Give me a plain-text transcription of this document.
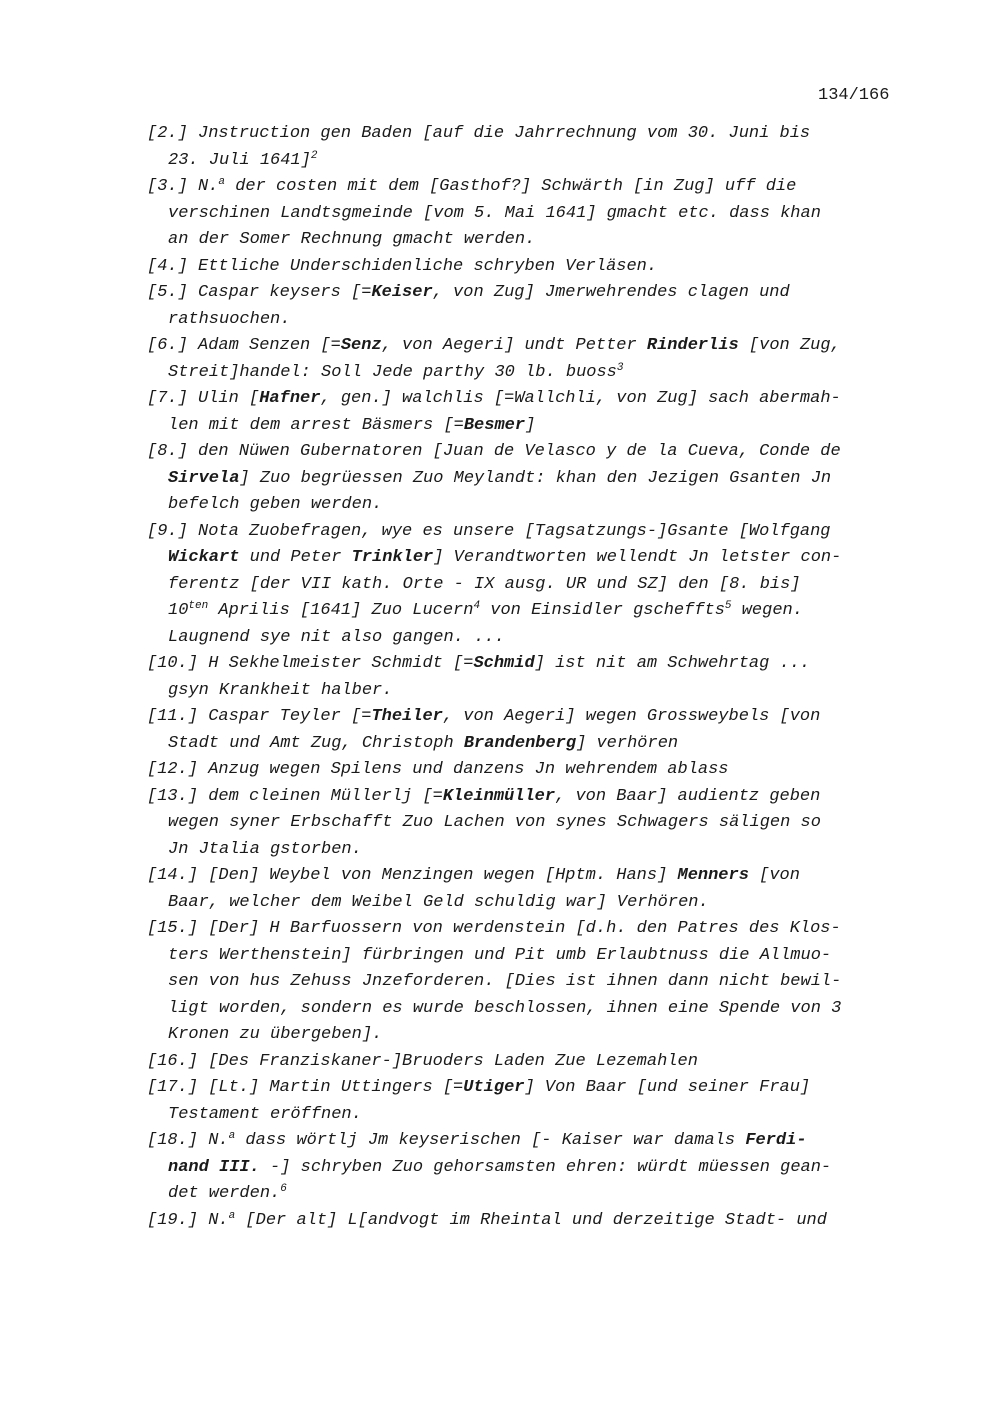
134/166
[2.] Jnstruction gen Baden [auf die Jahrrechnung vom 30. Juni bis
23. Juli 1641]$^2$
[3.] N.$^a$ der costen mit dem [Gasthof?] Schwärth [in Zug] uff die
verschinen Landtsgmeinde [vom 5. Mai 1641] gmacht etc. dass khan
an der Somer Rechnung gmacht werden.
[4.] Ettliche Underschidenliche schryben Verläsen.
[5.] Caspar keysers [=Keiser, von Zug] Jmerwehrendes clagen und
rathsuochen.
[6.] Adam Senzen [=Senz, von Aegeri] undt Petter Rinderlis [von Zug,
Streit]handel: Soll Jede parthy 30 lb. buoss$^3$
[7.] Ulin [Hafner, gen.] walchlis [=Wallchli, von Zug] sach abermah-
len mit dem arrest Bäsmers [=Besmer]
[8.] den Nüwen Gubernatoren [Juan de Velasco y de la Cueva, Conde de
Sirvela] Zuo begrüessen Zuo Meylandt: khan den Jezigen Gsanten Jn
befelch geben werden.
[9.] Nota Zuobefragen, wye es unsere [Tagsatzungs-]Gsante [Wolfgang
Wickart und Peter Trinkler] Verandtworten wellendt Jn letster con-
ferentz [der VII kath. Orte - IX ausg. UR und SZ] den [8. bis]
$10^{ten}$ Aprilis [1641] Zuo Lucern$^4$ von Einsidler gscheffts$^5$ wegen.
Laugnend sye nit also gangen. ...
[10.] H Sekhelmeister Schmidt [=Schmid] ist nit am Schwehrtag ...
gsyn Krankheit halber.
[11.] Caspar Teyler [=Theiler, von Aegeri] wegen Grossweybels [von
Stadt und Amt Zug, Christoph Brandenberg] verhören
[12.] Anzug wegen Spilens und danzens Jn wehrendem ablass
[13.] dem cleinen Müllerlj [=Kleinmüller, von Baar] audientz geben
wegen syner Erbschafft Zuo Lachen von synes Schwagers säligen so
Jn Jtalia gstorben.
[14.] [Den] Weybel von Menzingen wegen [Hptm. Hans] Menners [von
Baar, welcher dem Weibel Geld schuldig war] Verhören.
[15.] [Der] H Barfuossern von werdenstein [d.h. den Patres des Klos-
ters Werthenstein] fürbringen und Pit umb Erlaubtnuss die Allmuo-
sen von hus Zehuss Jnzeforderen. [Dies ist ihnen dann nicht bewil-
ligt worden, sondern es wurde beschlossen, ihnen eine Spende von 3
Kronen zu übergeben].
[16.] [Des Franziskaner-]Bruoders Laden Zue Lezemahlen
[17.] [Lt.] Martin Uttingers [=Utiger] Von Baar [und seiner Frau]
Testament eröffnen.
[18.] N.$^a$ dass wörtlj Jm keyserischen [- Kaiser war damals Ferdi-
nand III. -] schryben Zuo gehorsamsten ehren: würdt müessen gean-
det werden.$^6$
[19.] N.$^a$ [Der alt] L[andvogt im Rheintal und derzeitige Stadt- und
